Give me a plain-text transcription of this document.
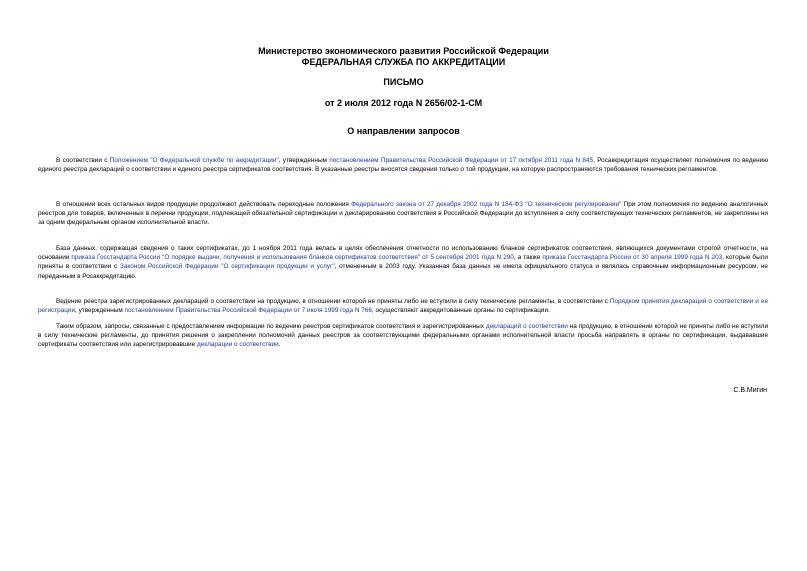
Министерство экономического развития Российской Федерации
ФЕДЕРАЛЬНАЯ СЛУЖБА ПО АККРЕДИТАЦИИ
ПИСЬМО
от 2 июля 2012 года N 2656/02-1-СМ
О направлении запросов

В соответствии с Положением "О Федеральной службе по аккредитации", утвержденным постановлением Правительства Российской Федерации от 17 октября 2011 года N 845, Росаккредитация осуществляет полномочия по ведению единого реестра деклараций о соответствии и единого реестра сертификатов соответствия. В указанные реестры вносятся сведения только о той продукции, на которую распространяются требования технических регламентов.

В отношении всех остальных видов продукции продолжают действовать переходные положения Федерального закона от 27 декабря 2002 года N 184-ФЗ "О техническом регулировании" При этом полномочия по ведению аналогичных реестров для товаров, включенных в перечни продукции, подлежащей обязательной сертификации и декларированию соответствия в Российской Федерации до вступления в силу соответствующих технических регламентов, не закреплены ни за одним федеральным органом исполнительной власти.

База данных, содержащая сведения о таких сертификатах, до 1 ноября 2011 года велась в целях обеспечения отчетности по использованию бланков сертификатов соответствия, являющихся документами строгой отчетности, на основании приказа Госстандарта России "О порядке выдачи, получения и использования бланков сертификатов соответствия" от 5 сентября 2001 года N 290, а также приказа Госстандарта России от 30 апреля 1999 года N 203, которые были приняты в соответствии с Законом Российской Федерации "О сертификации продукции и услуг", отмененным в 2003 году. Указанная база данных не имела официального статуса и являлась справочным информационным ресурсом, не переданным в Росаккредитацию.

Ведение реестра зарегистрированных деклараций о соответствии на продукцию, в отношении которой не приняты либо не вступили в силу технические регламенты, в соответствии с Порядком принятия деклараций о соответствии и ее регистрации, утвержденным постановлением Правительства Российской Федерации от 7 июля 1999 года N 766, осуществляют аккредитованные органы по сертификации.

Таким образом, запросы, связанные с предоставлением информации по ведению реестров сертификатов соответствия и зарегистрированных деклараций о соответствии на продукцию, в отношении которой не приняты либо не вступили в силу технические регламенты, до принятия решения о закреплении полномочий данных реестров за соответствующими федеральными органами исполнительной власти просьба направлять в органы по сертификации, выдававшие сертификаты соответствия или зарегистрировавшие декларации о соответствии.

С.В.Мигин
